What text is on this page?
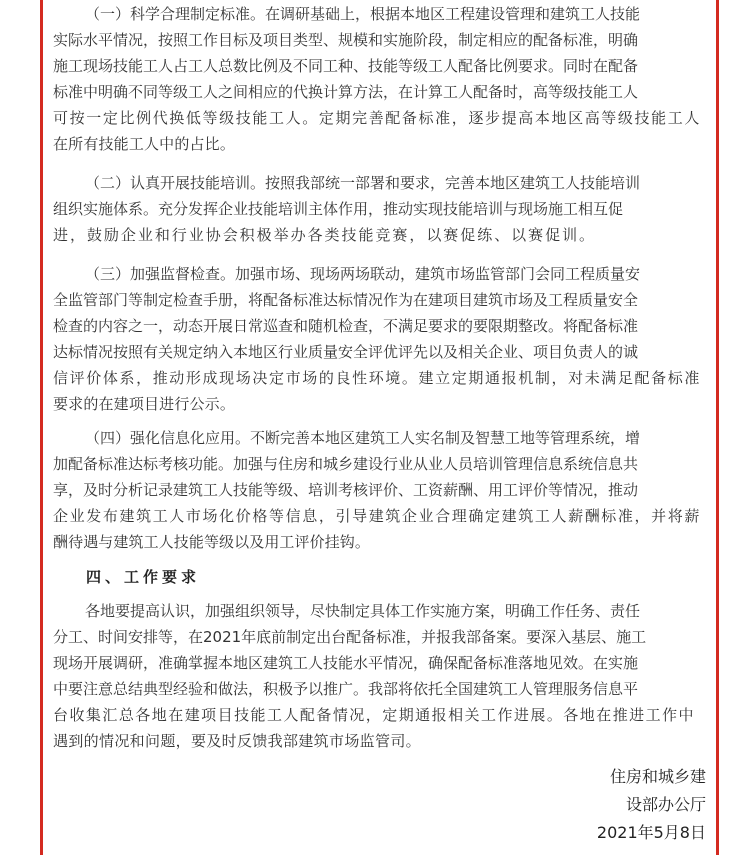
（一）科学合理制定标准。在调研基础上，根据本地区工程建设管理和建筑工人技能
实际水平情况，按照工作目标及项目类型、规模和实施阶段，制定相应的配备标准，明确
施工现场技能工人占工人总数比例及不同工种、技能等级工人配备比例要求。同时在配备
标准中明确不同等级工人之间相应的代换计算方法，在计算工人配备时，高等级技能工人
可按一定比例代换低等级技能工人。定期完善配备标准，逐步提高本地区高等级技能工人
在所有技能工人中的占比。
（二）认真开展技能培训。按照我部统一部署和要求，完善本地区建筑工人技能培训
组织实施体系。充分发挥企业技能培训主体作用，推动实现技能培训与现场施工相互促
进，鼓励企业和行业协会积极举办各类技能竞赛，以赛促练、以赛促训。
（三）加强监督检查。加强市场、现场两场联动，建筑市场监管部门会同工程质量安
全监管部门等制定检查手册，将配备标准达标情况作为在建项目建筑市场及工程质量安全
检查的内容之一，动态开展日常巡查和随机检查，不满足要求的要限期整改。将配备标准
达标情况按照有关规定纳入本地区行业质量安全评优评先以及相关企业、项目负责人的诚
信评价体系，推动形成现场决定市场的良性环境。建立定期通报机制，对未满足配备标准
要求的在建项目进行公示。
（四）强化信息化应用。不断完善本地区建筑工人实名制及智慧工地等管理系统，增
加配备标准达标考核功能。加强与住房和城乡建设行业从业人员培训管理信息系统信息共
享，及时分析记录建筑工人技能等级、培训考核评价、工资薪酬、用工评价等情况，推动
企业发布建筑工人市场化价格等信息，引导建筑企业合理确定建筑工人薪酬标准，并将薪
酬待遇与建筑工人技能等级以及用工评价挂钩。
四、工作要求
各地要提高认识，加强组织领导，尽快制定具体工作实施方案，明确工作任务、责任
分工、时间安排等，在2021年底前制定出台配备标准，并报我部备案。要深入基层、施工
现场开展调研，准确掌握本地区建筑工人技能水平情况，确保配备标准落地见效。在实施
中要注意总结典型经验和做法，积极予以推广。我部将依托全国建筑工人管理服务信息平
台收集汇总各地在建项目技能工人配备情况，定期通报相关工作进展。各地在推进工作中
遇到的情况和问题，要及时反馈我部建筑市场监管司。
住房和城乡建
设部办公厅
2021年5月8日
